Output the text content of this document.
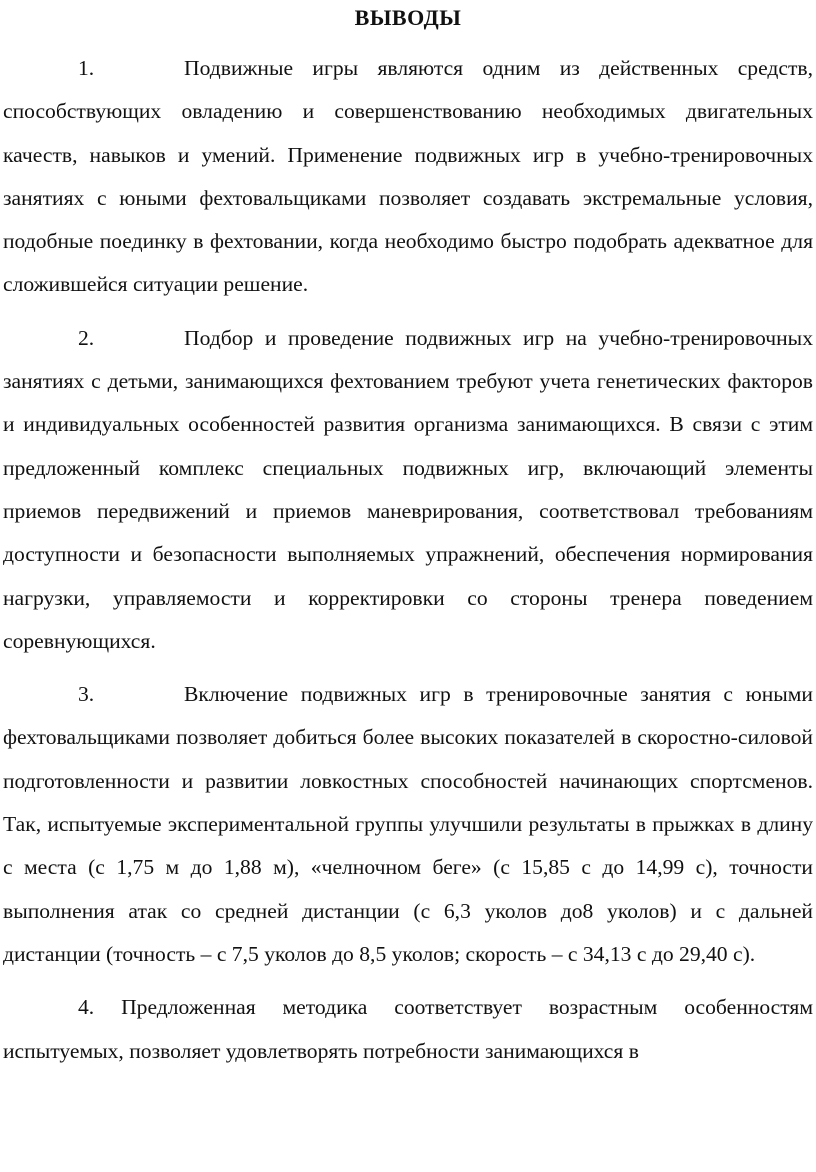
ВЫВОДЫ

1.	Подвижные игры являются одним из действенных средств, способствующих овладению и совершенствованию необходимых двигательных качеств, навыков и умений. Применение подвижных игр в учебно-тренировочных занятиях с юными фехтовальщиками позволяет создавать экстремальные условия, подобные поединку в фехтовании, когда необходимо быстро подобрать адекватное для сложившейся ситуации решение.

2.	Подбор и проведение подвижных игр на учебно-тренировочных занятиях с детьми, занимающихся фехтованием требуют учета генетических факторов и индивидуальных особенностей развития организма занимающихся. В связи с этим предложенный комплекс специальных подвижных игр, включающий элементы приемов передвижений и приемов маневрирования, соответствовал требованиям доступности и безопасности выполняемых упражнений, обеспечения нормирования нагрузки, управляемости и корректировки со стороны тренера поведением соревнующихся.

3.	Включение подвижных игр в тренировочные занятия с юными фехтовальщиками позволяет добиться более высоких показателей в скоростно-силовой подготовленности и развитии ловкостных способностей начинающих спортсменов. Так, испытуемые экспериментальной группы улучшили результаты в прыжках в длину с места (с 1,75 м до 1,88 м), «челночном беге» (с 15,85 с до 14,99 с), точности выполнения атак со средней дистанции (с 6,3 уколов до8 уколов) и с дальней дистанции (точность – с 7,5 уколов до 8,5 уколов; скорость – с 34,13 с до 29,40 с).

4. Предложенная методика соответствует возрастным особенностям испытуемых, позволяет удовлетворять потребности занимающихся в
